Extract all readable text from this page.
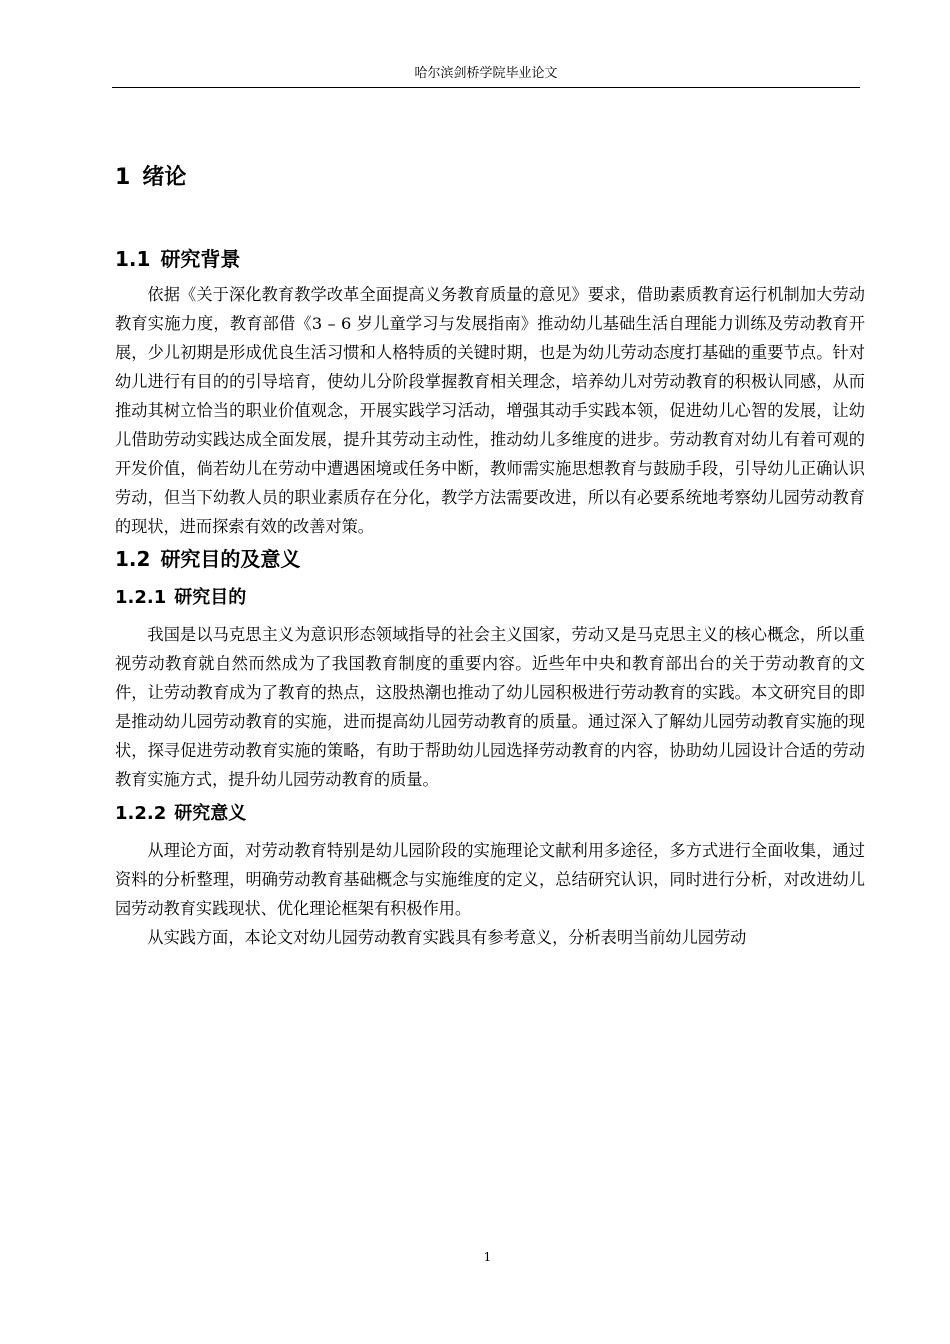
哈尔滨剑桥学院毕业论文
1 绪论
1.1 研究背景

依据《关于深化教育教学改革全面提高义务教育质量的意见》要求，借助素质教育运行机制加大劳动教育实施力度，教育部借《3 – 6 岁儿童学习与发展指南》推动幼儿基础生活自理能力训练及劳动教育开展，少儿初期是形成优良生活习惯和人格特质的关键时期，也是为幼儿劳动态度打基础的重要节点。针对幼儿进行有目的的引导培育，使幼儿分阶段掌握教育相关理念，培养幼儿对劳动教育的积极认同感，从而推动其树立恰当的职业价值观念，开展实践学习活动，增强其动手实践本领，促进幼儿心智的发展，让幼儿借助劳动实践达成全面发展，提升其劳动主动性，推动幼儿多维度的进步。劳动教育对幼儿有着可观的开发价值，倘若幼儿在劳动中遭遇困境或任务中断，教师需实施思想教育与鼓励手段，引导幼儿正确认识劳动，但当下幼教人员的职业素质存在分化，教学方法需要改进，所以有必要系统地考察幼儿园劳动教育的现状，进而探索有效的改善对策。

1.2 研究目的及意义
1.2.1 研究目的

我国是以马克思主义为意识形态领域指导的社会主义国家，劳动又是马克思主义的核心概念，所以重视劳动教育就自然而然成为了我国教育制度的重要内容。近些年中央和教育部出台的关于劳动教育的文件，让劳动教育成为了教育的热点，这股热潮也推动了幼儿园积极进行劳动教育的实践。本文研究目的即是推动幼儿园劳动教育的实施，进而提高幼儿园劳动教育的质量。通过深入了解幼儿园劳动教育实施的现状，探寻促进劳动教育实施的策略，有助于帮助幼儿园选择劳动教育的内容，协助幼儿园设计合适的劳动教育实施方式，提升幼儿园劳动教育的质量。

1.2.2 研究意义

从理论方面，对劳动教育特别是幼儿园阶段的实施理论文献利用多途径，多方式进行全面收集，通过资料的分析整理，明确劳动教育基础概念与实施维度的定义，总结研究认识，同时进行分析，对改进幼儿园劳动教育实践现状、优化理论框架有积极作用。

从实践方面，本论文对幼儿园劳动教育实践具有参考意义，分析表明当前幼儿园劳动

1
